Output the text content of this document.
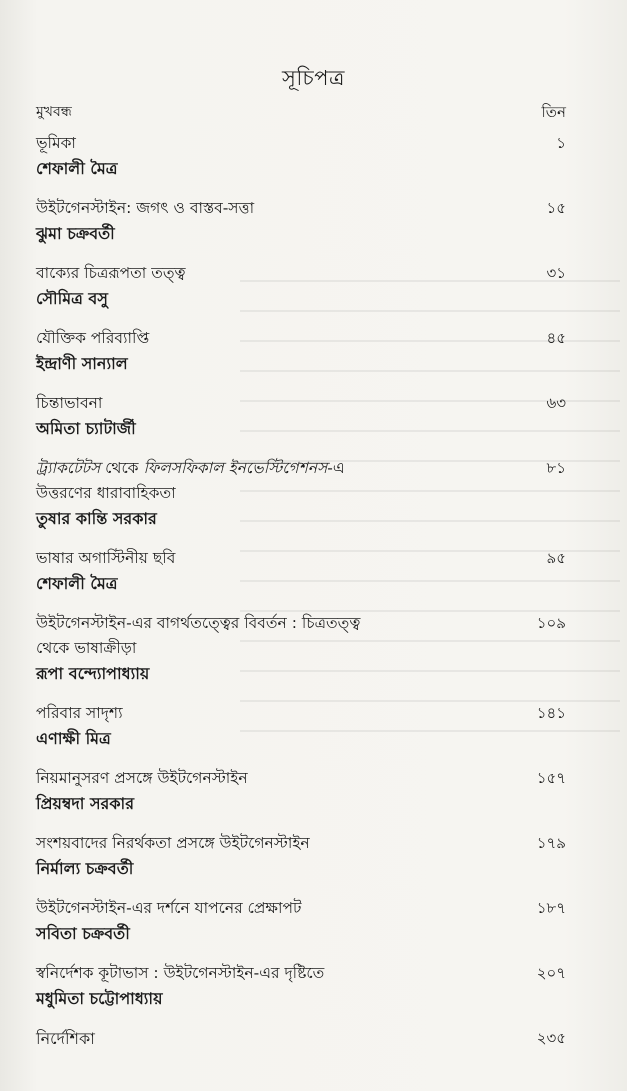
সূচিপত্র
মুখবন্ধ	তিন
ভূমিকা
শেফালী মৈত্র
১
উইটগেনস্টাইন: জগৎ ও বাস্তব-সত্তা
ঝুমা চক্রবর্তী
১৫
বাক্যের চিত্ররূপতা তত্ত্ব
সৌমিত্র বসু
৩১
যৌক্তিক পরিব্যাপ্তি
ইন্দ্রাণী সান্যাল
৪৫
চিন্তাভাবনা
অমিতা চ্যাটার্জী
৬৩
ট্র্যাকটেটস থেকে ফিলসফিকাল ইনভেস্টিগেশনস-এ
উত্তরণের ধারাবাহিকতা
তুষার কান্তি সরকার
৮১
ভাষার অগাস্টিনীয় ছবি
শেফালী মৈত্র
৯৫
উইটগেনস্টাইন-এর বাগর্থতত্ত্বের বিবর্তন : চিত্রতত্ত্ব
থেকে ভাষাক্রীড়া
রূপা বন্দ্যোপাধ্যায়
১০৯
পরিবার সাদৃশ্য
এণাক্ষী মিত্র
১৪১
নিয়মানুসরণ প্রসঙ্গে উইটগেনস্টাইন
প্রিয়ম্বদা সরকার
১৫৭
সংশয়বাদের নিরর্থকতা প্রসঙ্গে উইটগেনস্টাইন
নির্মাল্য চক্রবর্তী
১৭৯
উইটগেনস্টাইন-এর দর্শনে যাপনের প্রেক্ষাপট
সবিতা চক্রবর্তী
১৮৭
স্বনির্দেশক কূটাভাস : উইটগেনস্টাইন-এর দৃষ্টিতে
মধুমিতা চট্টোপাধ্যায়
২০৭
নির্দেশিকা	২৩৫
